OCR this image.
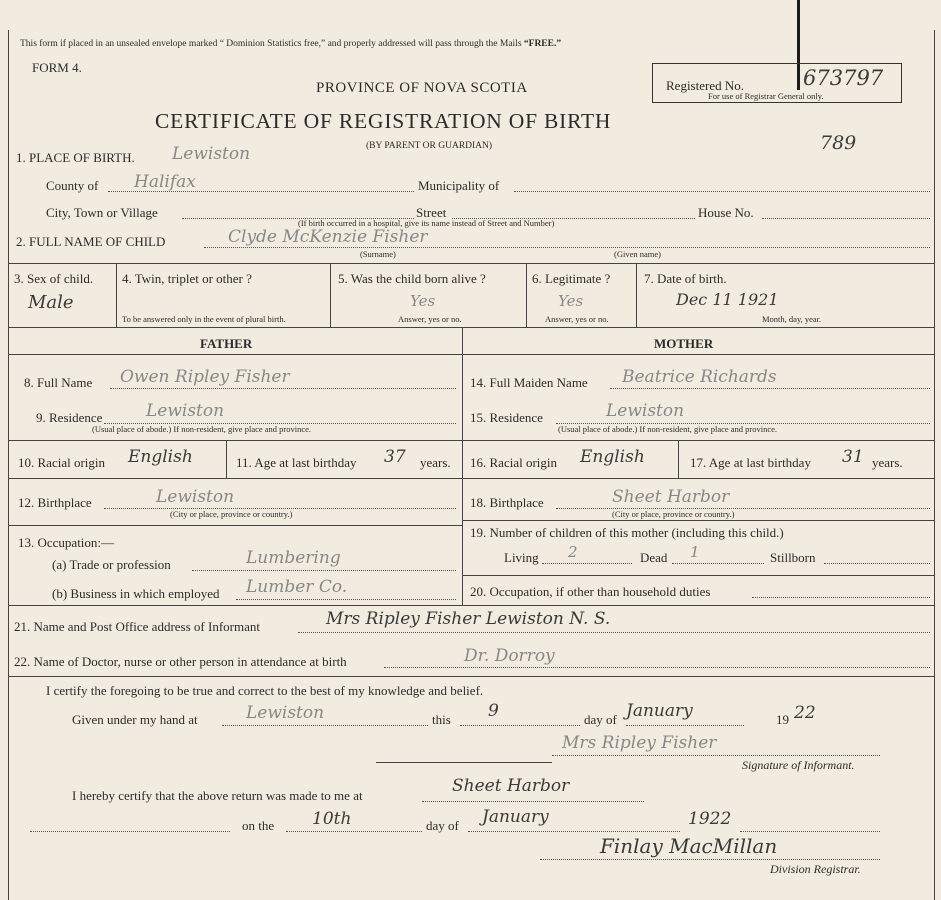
This form if placed in an unsealed envelope marked “ Dominion Statistics free,” and properly addressed will pass through the Mails “FREE.”
FORM 4.
PROVINCE OF NOVA SCOTIA
CERTIFICATE OF REGISTRATION OF BIRTH
(BY PARENT OR GUARDIAN)
Registered No.	673797
For use of Registrar General only.
789
1. PLACE OF BIRTH. Lewiston
County of Halifax	Municipality of
City, Town or Village	Street
(If birth occurred in a hospital, give its name instead of Street and Number)
House No.
2. FULL NAME OF CHILD	Clyde McKenzie Fisher
(Surname)	(Given name)
3. Sex of child.
Male
4. Twin, triplet or other ?
To be answered only in the event of plural birth.
5. Was the child born alive ?
Yes
Answer, yes or no.
6. Legitimate ?
Yes
Answer, yes or no.
7. Date of birth.
Dec 11 1921
Month, day, year.
FATHER	MOTHER
8. Full Name Owen Ripley Fisher
9. Residence	Lewiston
(Usual place of abode.) If non-resident, give place and province.
10. Racial origin English	11. Age at last birthday 37 years.
12. Birthplace	Lewiston
(City or place, province or country.)
13. Occupation:—
(a) Trade or profession	Lumbering
(b) Business in which employed Lumber Co.
14. Full Maiden Name Beatrice Richards
15. Residence	Lewiston
(Usual place of abode.) If non-resident, give place and province.
16. Racial origin English	17. Age at last birthday 31 years.
18. Birthplace	Sheet Harbor
(City or place, province or country.)
19. Number of children of this mother (including this child.)
Living 2	Dead 1	Stillborn
20. Occupation, if other than household duties
21. Name and Post Office address of Informant	Mrs Ripley Fisher Lewiston N. S.
22. Name of Doctor, nurse or other person in attendance at birth	Dr. Dorroy
I certify the foregoing to be true and correct to the best of my knowledge and belief.
Given under my hand at	Lewiston	this 9	day of January	19 22
Mrs Ripley Fisher
Signature of Informant.
I hereby certify that the above return was made to me at	Sheet Harbor
on the 10th	day of January	1922
Finlay MacMillan
Division Registrar.
